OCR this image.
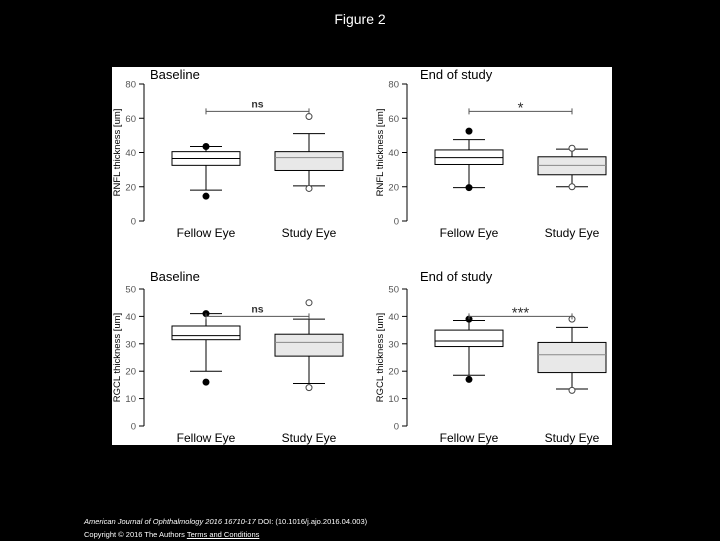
Figure 2
Baseline
0
20
40
60
80
RNFL thickness [um]
Fellow Eye	Study Eye
ns
End of study
0
20
40
60
80
RNFL thickness [um]
Fellow Eye	Study Eye
*
Baseline
0
10
20
30
40
50
RGCL thickness [um]
Fellow Eye	Study Eye
ns
End of study
0
10
20
30
40
50
RGCL thickness [um]
Fellow Eye	Study Eye
***
American Journal of Ophthalmology 2016 16710-17 DOI: (10.1016/j.ajo.2016.04.003)
Copyright © 2016 The Authors Terms and Conditions
